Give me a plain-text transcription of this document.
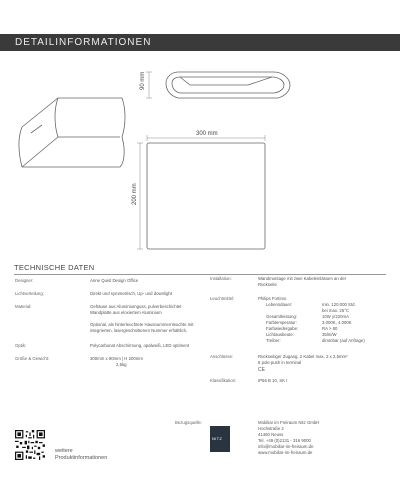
DETAILINFORMATIONEN
90 mm
300 mm
200 mm
TECHNISCHE DATEN
Designer:	Anne Quist Design Office
Lichtverteilung:	Direkt und symmetrisch, Up- und downlight
Material:	Gehäuse aus Aluminiumguss, pulverbeschichtet
Wandplatte aus eloxiertem Aluminium
Optional, als hinterleuchtete Hausnummernleuchte mit
integrierten, lasergeschnittenen Nummer erhältlich.
Optik:	Polycarbonat Abschirmung, opalweiß, LED optiment
Größe & Gewicht:	300mm x 90mm | H 200mm
2,5kg
Installation:	Wandmontage mit zwei Kabeleinlässen an der
Rückseite
Leuchtmittel:	Philips Fortimo
Lebensdauer:	min. 120.000 Std.
bei max. 25°C
Gesamtleistung:	10W y/220mA
Farbtemperatur:	3.000K, 4.000K
Farbwiedergabe:	RA > 80
Lichtausbeute:	35lm/W
Treiber:	dimmbar (auf Anfrage)
Anschlüsse:	Rückseitiger Zugang, 2 Kabel max. 2 x 2,5mm²
5 pole push in terminal
CE
Klassifikation:	IP56 B 10, SK I
weitere
Produktinformationen
Bezugsquelle:
NITZ
Mobiliar im Freiraum Nitz GmbH
Hochstraße 2
41460 Neuss
Tel. +49 (0)2131 - 316 9000
info@mobiliar-im-freiraum.de
www.mobiliar-im-freiraum.de
